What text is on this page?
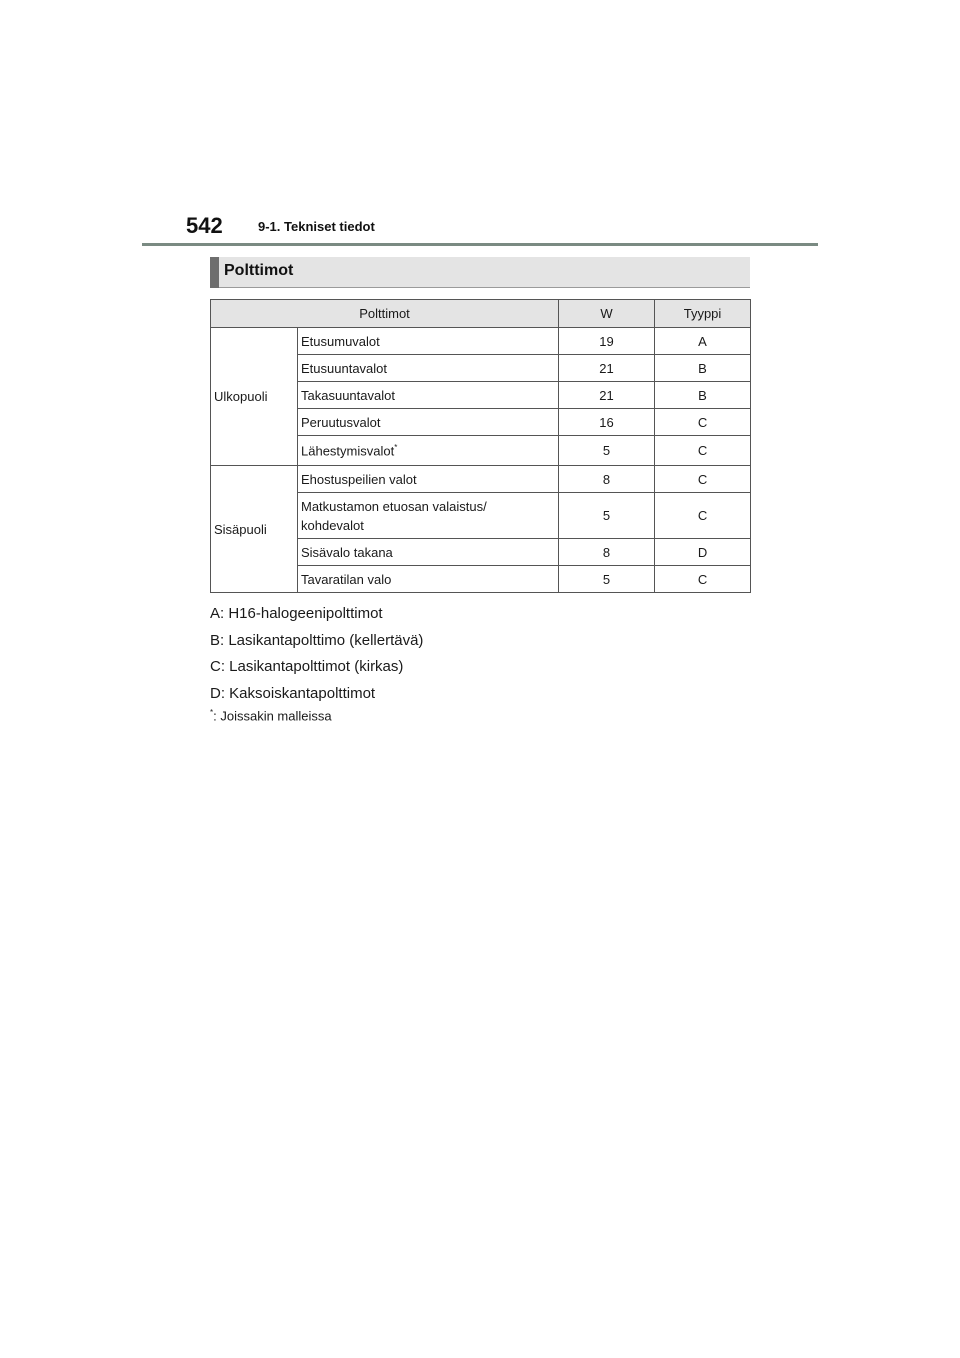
542	9-1. Tekniset tiedot
Polttimot
Polttimot		W	Tyyppi
Ulkopuoli	Etusumuvalot	19	A
	Etusuuntavalot	21	B
	Takasuuntavalot	21	B
	Peruutusvalot	16	C
	Lähestymisvalot*	5	C
Sisäpuoli	Ehostuspeilien valot	8	C
	Matkustamon etuosan valaistus/
kohdevalot	5	C
	Sisävalo takana	8	D
	Tavaratilan valo	5	C
A: H16-halogeenipolttimot
B: Lasikantapolttimo (kellertävä)
C: Lasikantapolttimot (kirkas)
D: Kaksoiskantapolttimot
*: Joissakin malleissa
